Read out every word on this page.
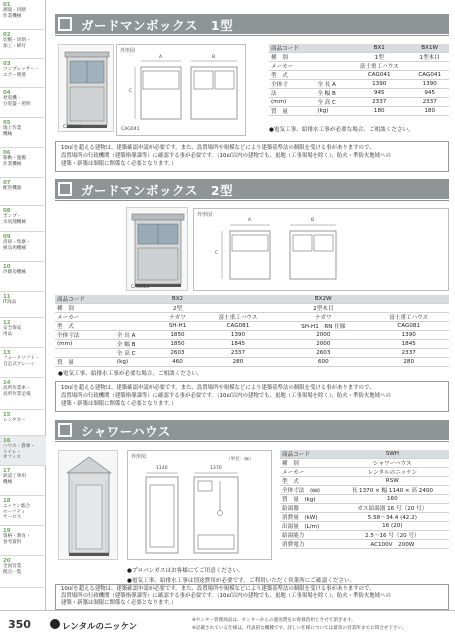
01
測量・切断
作業機械
02
切断・切削・
加工・締付
03
コンプレッサー・
エアー関連
04
発電機・
分電盤・照明
05
地上作業
機械
06
移動・運搬
作業機械
07
配管機器
08
ポンプ・
水処理機械
09
清掃・集塵・
換気用機械
10
冷暖房機械
11
IT商品
12
安全保安
用品
13
フォークリフト・
自走式クレーン
14
高所作業車・
高所作業足場
15
レンタカー
16
ハウス・倉庫・
トイレ・
オフィス
17
鉄道工事用
機械
18
ニッケン総合
セーフティ
サービス
19
資格・教育・
参考資料
20
全国営業
拠点一覧
ガードマンボックス　1型
CAG041
外形図
A	B
C
CAG041
商品コード		BX1	BX1W
種　別		1型	1型木目
メーカー		富士重工ハウス	
型　式		CAG041	CAG041
全体寸	全 長 A	1390	1390
法	全 幅 B	945	945
(mm)	全 高 C	2337	2337
質　量	(kg)	180	180
●電気工事、給排水工事が必要な場合、ご相談ください。
10㎡を超える建物は、建築確認申請が必要です。また、設置場所や規模などにより建築基準法の制限を受ける事がありますので、
設置場所の行政機関（建築指導課等）に確認する事が必要です。（10㎡以内の建物でも、更地（工事現場を除く）、防火・準防火地域への
建築・新築は制限に関係なく必要となります。）
ガードマンボックス　2型
CAG081
外形図
A	B
C
商品コード		BX2		BX2W	
種　別		2型		2型木目	
メーカー		ナガワ	富士重工ハウス	ナガワ	富士重工ハウス
型　式		SH-H1	CAG081	SH-H1　RN 仕様	CAG081
全体寸法	全 長 A	1850	1390	2000	1390
(mm)	全 幅 B	1850	1845	2000	1845
	全 高 C	2603	2337	2603	2337
質　量	(kg)	460	280	600	280
●電気工事、給排水工事が必要な場合、ご相談ください。
10㎡を超える建物は、建築確認申請が必要です。また、設置場所や規模などにより建築基準法の制限を受ける事がありますので、
設置場所の行政機関（建築指導課等）に確認する事が必要です。（10㎡以内の建物でも、更地（工事現場を除く）、防火・準防火地域への
建築・新築は制限に関係なく必要となります。）
シャワーハウス
外形図	（単位：㎜）
1140	1370
商品コード	SWH
種　別	シャワーハウス
メーカー	レンタルのニッケン
型　式	RSW
全体寸法　(㎜)	長 1370 × 幅 1140 × 高 2400
質　量　(kg)	160
給湯器	ガス給湯器 16 号（20 号）
消費量　(kW)	5.58～34.4 (42.2)
出湯量　(L/m)	16 (20)
給湯能力	2.5～16 号（20 号）
消費電力	AC100V　200W
●プロパンガスはお客様にてご用意ください。
●電気工事、給排水工事は別途費用が必要です。ご利用いただく営業所にご確認ください。
10㎡を超える建物は、建築確認申請が必要です。また、設置場所や規模などにより建築基準法の制限を受ける事がありますので、
設置場所の行政機関（建築指導課等）に確認する事が必要です。（10㎡以内の建物でも、更地（工事現場を除く）、防火・準防火地域への
建築・新築は制限に関係なく必要となります。）
350	レンタルのニッケン
※センター管理商品は、センターからの運送費をお客様負担とさせて頂きます。
※記載されている仕様は、代表的な機種です。詳しい仕様については最寄の営業所までお問合せ下さい。
